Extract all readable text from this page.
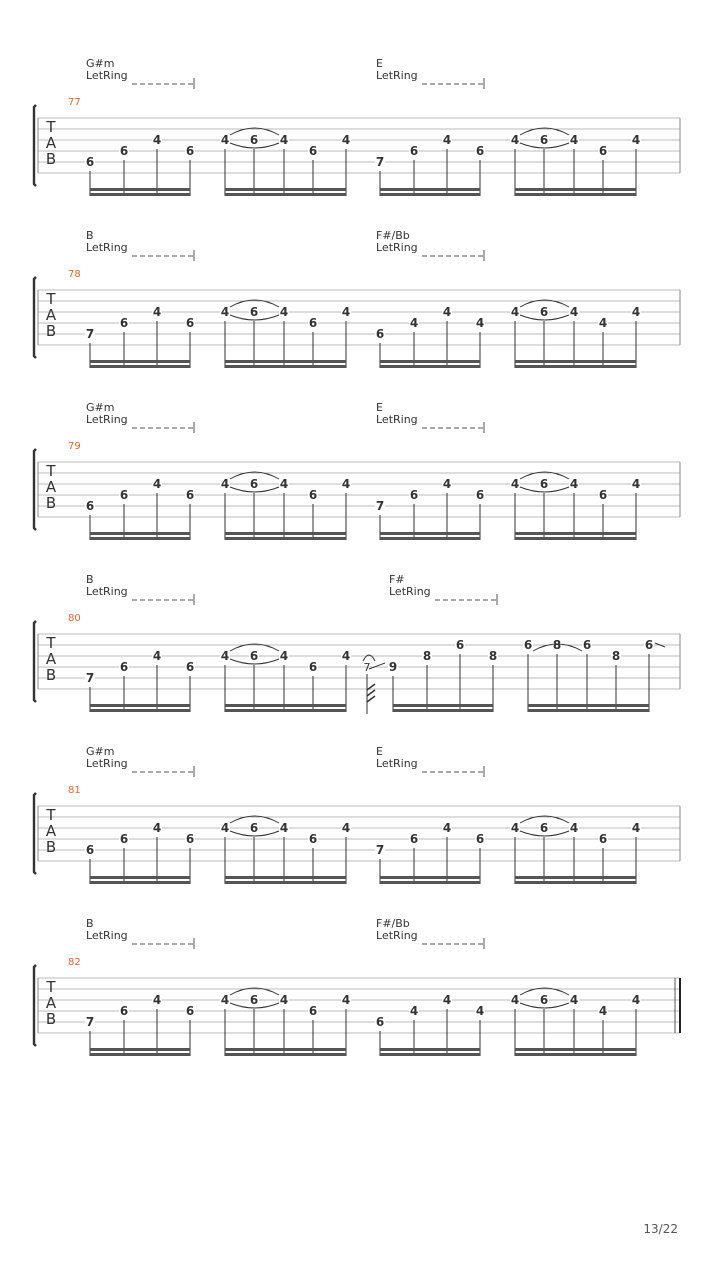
T
A
B
77
G#m
LetRing
6
6
4
6
4 6 4
6
4
E
LetRing
7
6
4
6
4 6 4
6
4
T
A
B
78
B
LetRing
7
6
4
6
4 6 4
6
4
F#/Bb
LetRing
6
4
4
4
4 6 4
4
4
T
A
B
79
G#m
LetRing
6
6
4
6
4 6 4
6
4
E
LetRing
7
6
4
6
4 6 4
6
4
T
A
B
80
B
LetRing
7
6
4
6
4 6 4
6
4
F#
LetRing
7 9
8
6
8
6 8 6
8
6
T
A
B
81
G#m
LetRing
6
6
4
6
4 6 4
6
4
E
LetRing
7
6
4
6
4 6 4
6
4
T
A
B
82
B
LetRing
7
6
4
6
4 6 4
6
4
F#/Bb
LetRing
6
4
4
4
4 6 4
4
4
13/22
